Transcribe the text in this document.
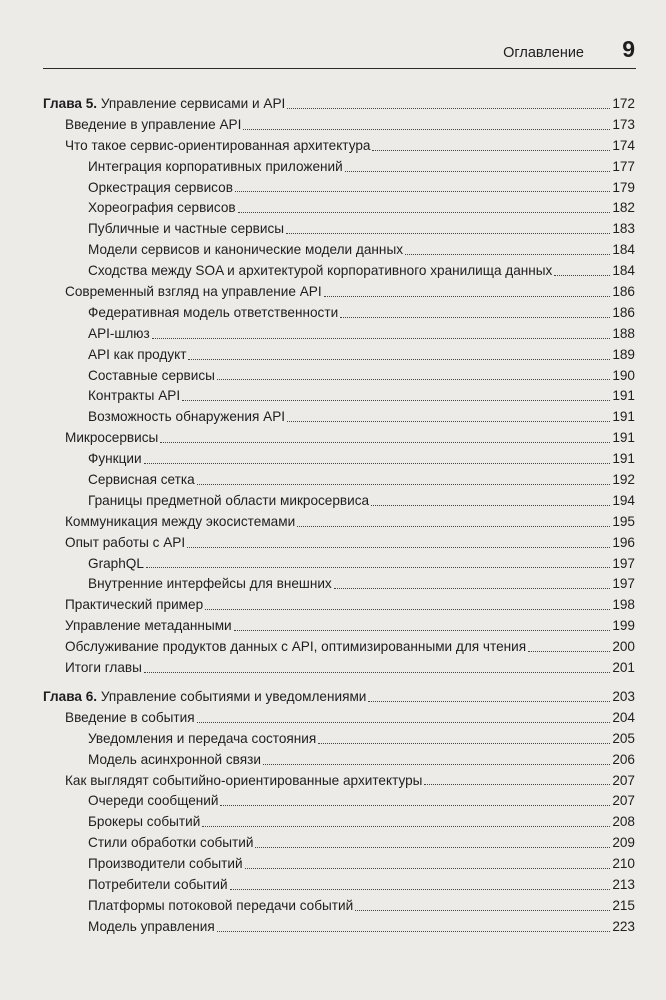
Оглавление 9
Глава 5. Управление сервисами и API	172
Введение в управление API	173
Что такое сервис-ориентированная архитектура	174
Интеграция корпоративных приложений	177
Оркестрация сервисов	179
Хореография сервисов	182
Публичные и частные сервисы	183
Модели сервисов и канонические модели данных	184
Сходства между SOA и архитектурой корпоративного хранилища данных	184
Современный взгляд на управление API	186
Федеративная модель ответственности	186
API-шлюз	188
API как продукт	189
Составные сервисы	190
Контракты API	191
Возможность обнаружения API	191
Микросервисы	191
Функции	191
Сервисная сетка	192
Границы предметной области микросервиса	194
Коммуникация между экосистемами	195
Опыт работы с API	196
GraphQL	197
Внутренние интерфейсы для внешних	197
Практический пример	198
Управление метаданными	199
Обслуживание продуктов данных с API, оптимизированными для чтения	200
Итоги главы	201
Глава 6. Управление событиями и уведомлениями	203
Введение в события	204
Уведомления и передача состояния	205
Модель асинхронной связи	206
Как выглядят событийно-ориентированные архитектуры	207
Очереди сообщений	207
Брокеры событий	208
Стили обработки событий	209
Производители событий	210
Потребители событий	213
Платформы потоковой передачи событий	215
Модель управления	223
